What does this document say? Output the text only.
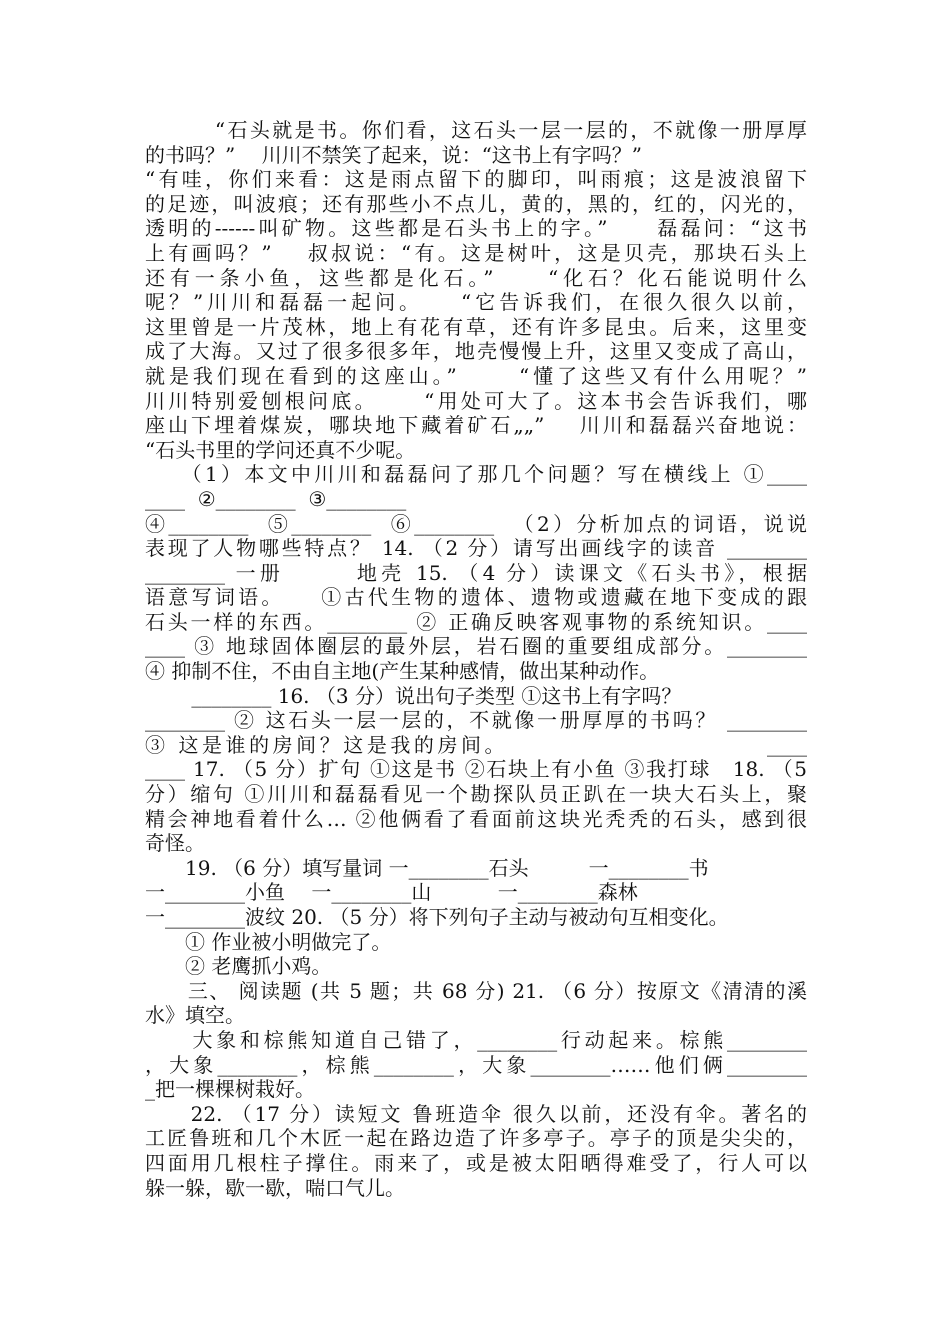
“石头就是书。你们看，这石头一层一层的，不就像一册厚厚
的书吗？”　 川川不禁笑了起来，说：“这书上有字吗？”
“有哇，你们来看：这是雨点留下的脚印，叫雨痕；这是波浪留下
的足迹，叫波痕；还有那些小不点儿，黄的，黑的，红的，闪光的，
透明的------叫矿物。这些都是石头书上的字。”　　磊磊问：“这书
上有画吗？”　 叔叔说：“有。这是树叶，这是贝壳，那块石头上
还有一条小鱼，这些都是化石。”　　“化石？化石能说明什么
呢？”川川和磊磊一起问。　　“它告诉我们，在很久很久以前，
这里曾是一片茂林，地上有花有草，还有许多昆虫。后来，这里变
成了大海。又过了很多很多年，地壳慢慢上升，这里又变成了高山，
就是我们现在看到的这座山。”　　 “懂了这些又有什么用呢？”
川川特别爱刨根问底。　　 “用处可大了。这本书会告诉我们，哪
座山下埋着煤炭，哪块地下藏着矿石„„”　 川川和磊磊兴奋地说：
“石头书里的学问还真不少呢。
　　（1）本文中川川和磊磊问了那几个问题？写在横线上 ①____
____  ②________  ③________
④________  ⑤________  ⑥________  （2）分析加点的词语，说说
表现了人物哪些特点？ 14. （2 分）请写出画线字的读音 ________
________ 一册　　　地壳 15. （4 分）读课文《石头书》，根据
语意写词语。　　①古代生物的遗体、遗物或遗藏在地下变成的跟
石头一样的东西。________ ② 正确反映客观事物的系统知识。____
____ ③ 地球固体圈层的最外层，岩石圈的重要组成部分。________
④ 抑制不住，不由自主地(产生某种感情，做出某种动作。
　　 ________ 16. （3 分）说出句子类型 ①这书上有字吗？
________ ② 这石头一层一层的，不就像一册厚厚的书吗？ ________
③ 这是谁的房间？这是我的房间。　　　　　　　　　　　 ____
____ 17. （5 分）扩句 ①这是书 ②石块上有小鱼 ③我打球　18. （5
分）缩句 ①川川和磊磊看见一个勘探队员正趴在一块大石头上，聚
精会神地看着什么… ②他俩看了看面前这块光秃秃的石头，感到很
奇怪。
　　19. （6 分）填写量词 一________石头　　　一________书
一________小鱼　 一________山　　　 一________森林
一________波纹 20. （5 分）将下列句子主动与被动句互相变化。
　　① 作业被小明做完了。
　　② 老鹰抓小鸡。
　　三、 阅读题 (共 5 题；共 68 分) 21. （6 分）按原文《清清的溪
水》填空。
　　大象和棕熊知道自己错了，________行动起来。棕熊________
，大象________，棕熊________，大象________……他们俩________
_把一棵棵树栽好。
　　22. （17 分）读短文 鲁班造伞 很久以前，还没有伞。著名的
工匠鲁班和几个木匠一起在路边造了许多亭子。亭子的顶是尖尖的，
四面用几根柱子撑住。雨来了，或是被太阳晒得难受了，行人可以
躲一躲，歇一歇，喘口气儿。
